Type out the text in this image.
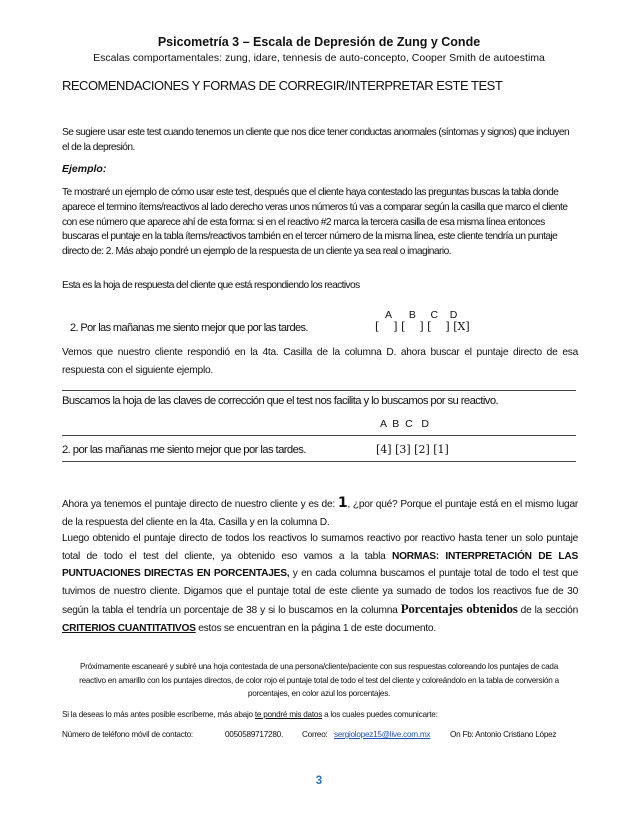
Psicometría 3 – Escala de Depresión de Zung y Conde
Escalas comportamentales: zung, idare, tennesis de auto-concepto, Cooper Smith de autoestima
RECOMENDACIONES Y FORMAS DE CORREGIR/INTERPRETAR ESTE TEST
Se sugiere usar este test cuando tenemos un cliente que nos dice tener conductas anormales (síntomas y signos) que incluyen el de la depresión.
Ejemplo:
Te mostraré un ejemplo de cómo usar este test, después que el cliente haya contestado las preguntas buscas la tabla donde aparece el termino ítems/reactivos al lado derecho veras unos números tú vas a comparar según la casilla que marco el cliente con ese número que aparece ahí de esta forma: si en el reactivo #2 marca la tercera casilla de esa misma línea entonces buscaras el puntaje en la tabla ítems/reactivos también en el tercer número de la misma línea, este cliente tendría un puntaje directo de: 2. Más abajo pondré un ejemplo de la respuesta de un cliente ya sea real o imaginario.
Esta es la hoja de respuesta del cliente que está respondiendo los reactivos
A      B     C    D
2. Por las mañanas me siento mejor que por las tardes.	[    ] [    ] [    ] [X]
Vemos que nuestro cliente respondió en la 4ta. Casilla de la columna D. ahora buscar el puntaje directo de esa respuesta con el siguiente ejemplo.
Buscamos la hoja de las claves de corrección que el test nos facilita y lo buscamos por su reactivo.
A  B  C   D
2. por las mañanas me siento mejor que por las tardes.	[4] [3] [2] [1]
Ahora ya tenemos el puntaje directo de nuestro cliente y es de: 1, ¿por qué? Porque el puntaje está en el mismo lugar de la respuesta del cliente en la 4ta. Casilla y en la columna D.
Luego obtenido el puntaje directo de todos los reactivos lo sumamos reactivo por reactivo hasta tener un solo puntaje total de todo el test del cliente, ya obtenido eso vamos a la tabla NORMAS: INTERPRETACIÓN DE LAS PUNTUACIONES DIRECTAS EN PORCENTAJES, y en cada columna buscamos el puntaje total de todo el test que tuvimos de nuestro cliente. Digamos que el puntaje total de este cliente ya sumado de todos los reactivos fue de 30 según la tabla el tendría un porcentaje de 38 y si lo buscamos en la columna Porcentajes obtenidos de la sección CRITERIOS CUANTITATIVOS estos se encuentran en la página 1 de este documento.
Próximamente escanearé y subiré una hoja contestada de una persona/cliente/paciente con sus respuestas coloreando los puntajes de cada
reactivo en amarillo con los puntajes directos, de color rojo el puntaje total de todo el test del cliente y coloreándolo en la tabla de conversión a
porcentajes, en color azul los porcentajes.
Si la deseas lo más antes posible escríbeme, más abajo te pondré mis datos a los cuales puedes comunicarte:
Número de teléfono móvil de contacto:	0050589717280. Correo: sergiolopez15@live.com.mx On Fb: Antonio Cristiano López
3
